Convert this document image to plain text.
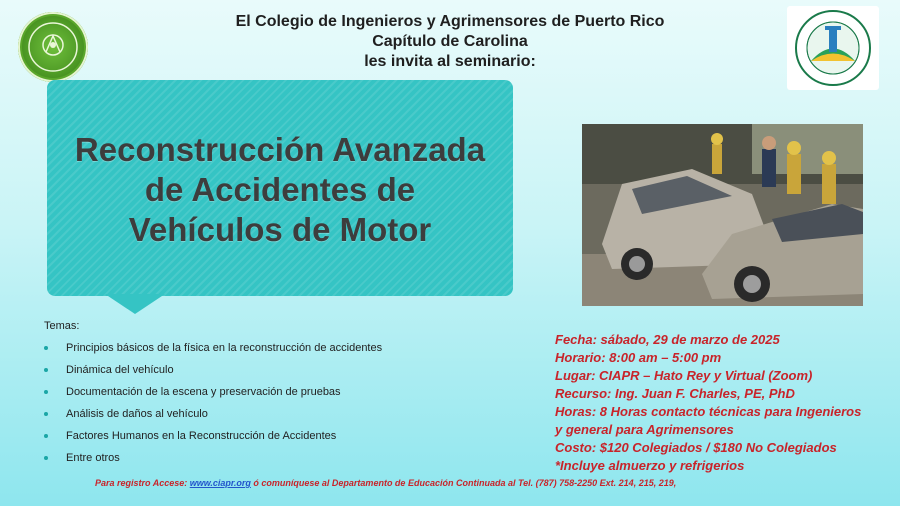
El Colegio de Ingenieros y Agrimensores de Puerto Rico
Capítulo de Carolina
les invita al seminario:
Reconstrucción Avanzada
de Accidentes de
Vehículos de Motor
Temas:
Principios básicos de la física en la reconstrucción de accidentes
Dinámica del vehículo
Documentación de la escena y preservación de pruebas
Análisis de daños al vehículo
Factores Humanos en la Reconstrucción de Accidentes
Entre otros
Fecha: sábado, 29 de marzo de 2025
Horario: 8:00 am – 5:00 pm
Lugar: CIAPR – Hato Rey y Virtual (Zoom)
Recurso: Ing. Juan F. Charles, PE, PhD
Horas: 8 Horas contacto técnicas para Ingenieros
y general para Agrimensores
Costo: $120 Colegiados / $180 No Colegiados
*Incluye almuerzo y refrigerios
Para registro Accese: www.ciapr.org ó comuníquese al Departamento de Educación Continuada al Tel. (787) 758-2250 Ext. 214, 215, 219,
